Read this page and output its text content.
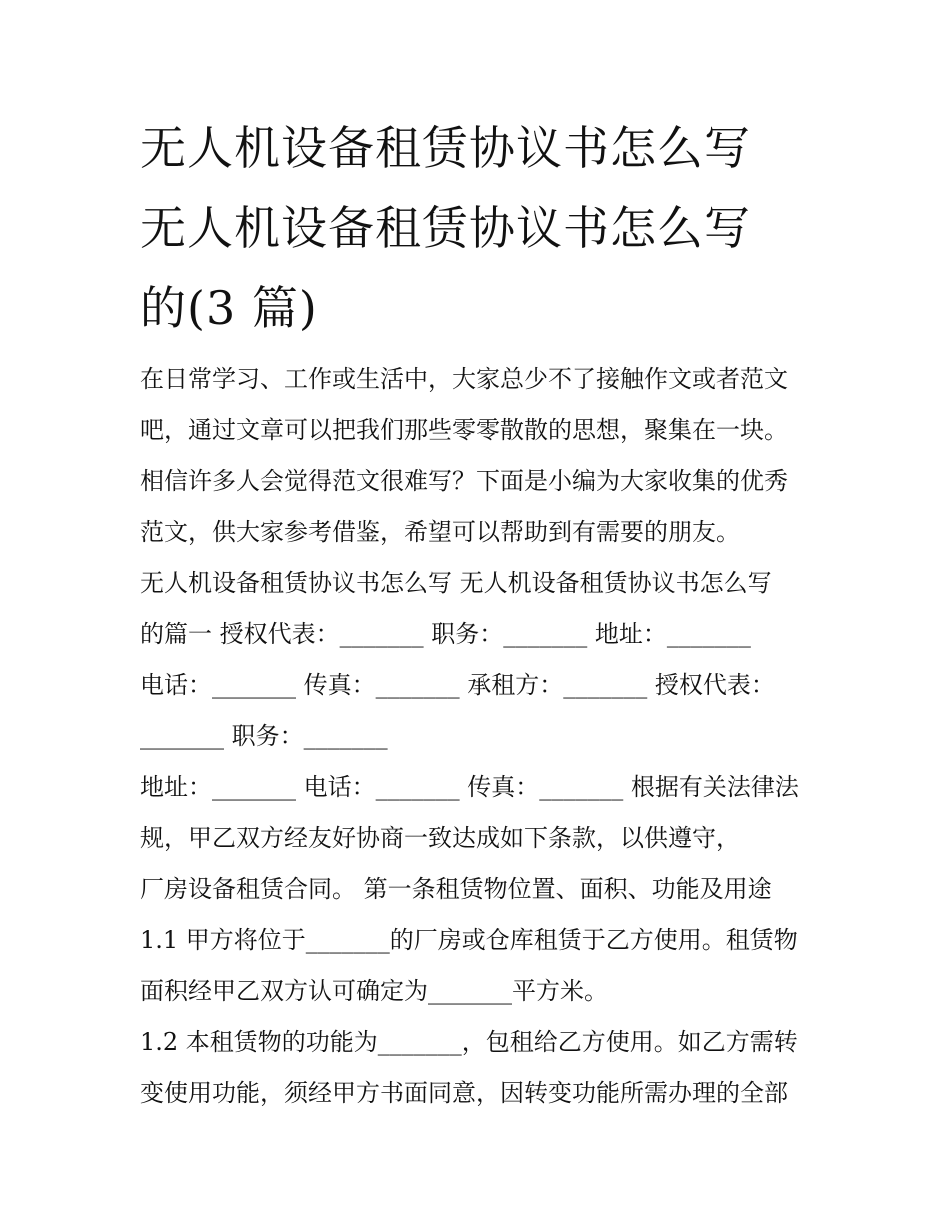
无人机设备租赁协议书怎么写
无人机设备租赁协议书怎么写
的(3 篇)
在日常学习、工作或生活中，大家总少不了接触作文或者范文
吧，通过文章可以把我们那些零零散散的思想，聚集在一块。
相信许多人会觉得范文很难写？下面是小编为大家收集的优秀
范文，供大家参考借鉴，希望可以帮助到有需要的朋友。
无人机设备租赁协议书怎么写 无人机设备租赁协议书怎么写
的篇一 授权代表：_______ 职务：_______ 地址：_______
电话：_______ 传真：_______ 承租方：_______ 授权代表：
_______ 职务：_______
地址：_______ 电话：_______ 传真：_______ 根据有关法律法
规，甲乙双方经友好协商一致达成如下条款，以供遵守，
厂房设备租赁合同。 第一条租赁物位置、面积、功能及用途
1.1 甲方将位于_______的厂房或仓库租赁于乙方使用。租赁物
面积经甲乙双方认可确定为_______平方米。
1.2 本租赁物的功能为_______，包租给乙方使用。如乙方需转
变使用功能，须经甲方书面同意，因转变功能所需办理的全部
